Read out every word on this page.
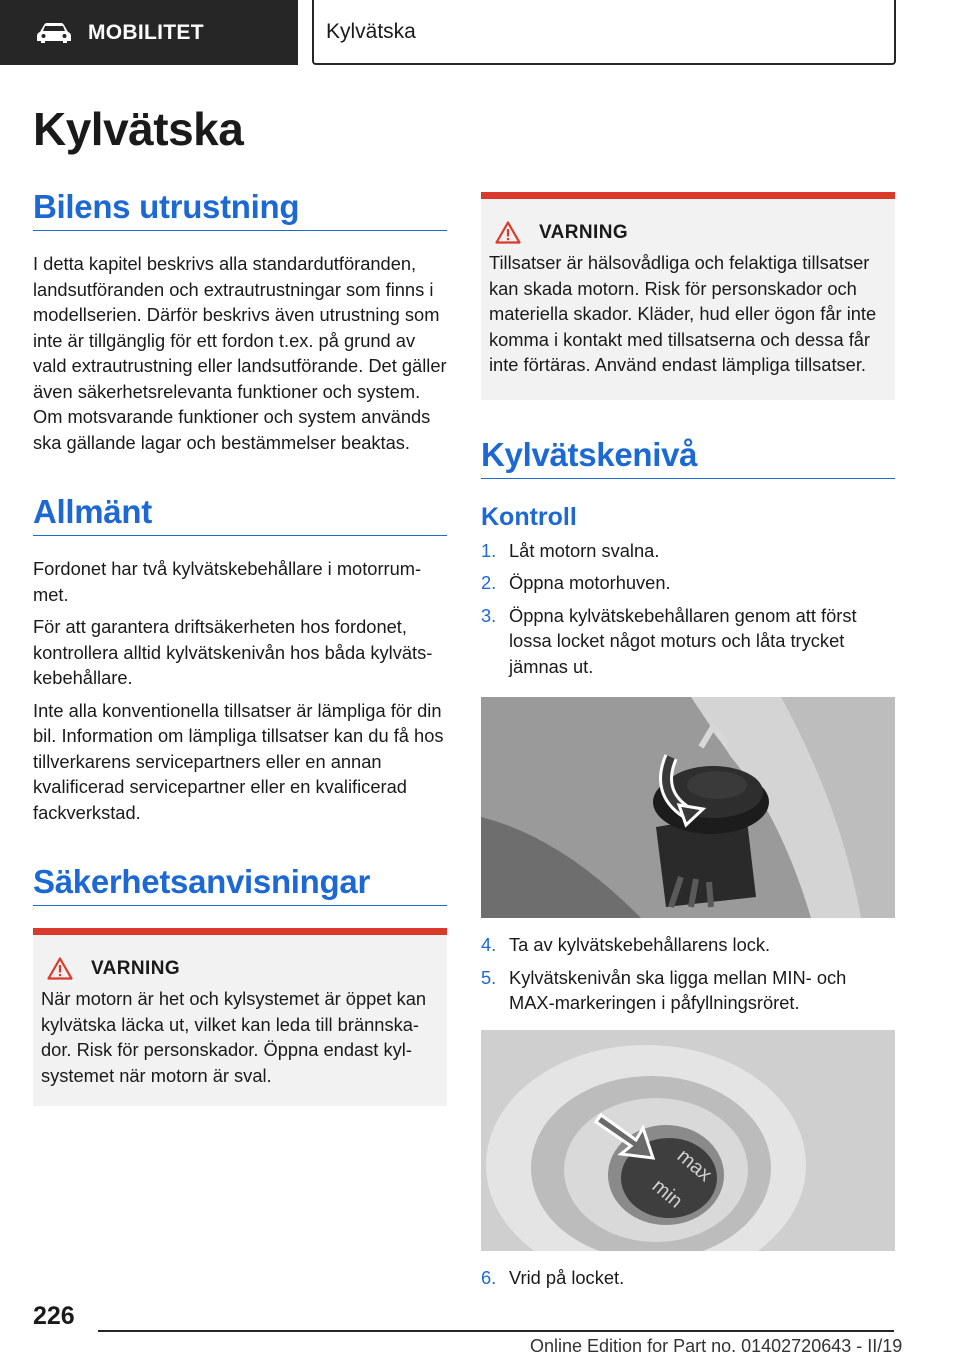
MOBILITET	Kylvätska
Kylvätska
Bilens utrustning

I detta kapitel beskrivs alla standardutföranden, landsutföranden och extrautrustningar som finns i modellserien. Därför beskrivs även utrustning som inte är tillgänglig för ett fordon t.ex. på grund av vald extrautrustning eller landsutförande. Det gäller även säkerhetsrelevanta funktioner och system. Om motsvarande funktioner och system används ska gällande lagar och bestämmelser beaktas.

Allmänt

Fordonet har två kylvätskebehållare i motorrummet.

För att garantera driftsäkerheten hos fordonet, kontrollera alltid kylvätskenivån hos båda kylvätskebehållare.

Inte alla konventionella tillsatser är lämpliga för din bil. Information om lämpliga tillsatser kan du få hos tillverkarens servicepartners eller en annan kvalificerad servicepartner eller en kvalificerad fackverkstad.

Säkerhetsanvisningar
VARNING

När motorn är het och kylsystemet är öppet kan kylvätska läcka ut, vilket kan leda till brännskador. Risk för personskador. Öppna endast kylsystemet när motorn är sval.

VARNING

Tillsatser är hälsovådliga och felaktiga tillsatser kan skada motorn. Risk för personskador och materiella skador. Kläder, hud eller ögon får inte komma i kontakt med tillsatserna och dessa får inte förtäras. Använd endast lämpliga tillsatser.

Kylvätskenivå
Kontroll
1. Låt motorn svalna.
2. Öppna motorhuven.
3. Öppna kylvätskebehållaren genom att först lossa locket något moturs och låta trycket jämnas ut.
4. Ta av kylvätskebehållarens lock.
5. Kylvätskenivån ska ligga mellan MIN- och MAX-markeringen i påfyllningsröret.
max
min
6. Vrid på locket.
226
Online Edition for Part no. 01402720643 - II/19
